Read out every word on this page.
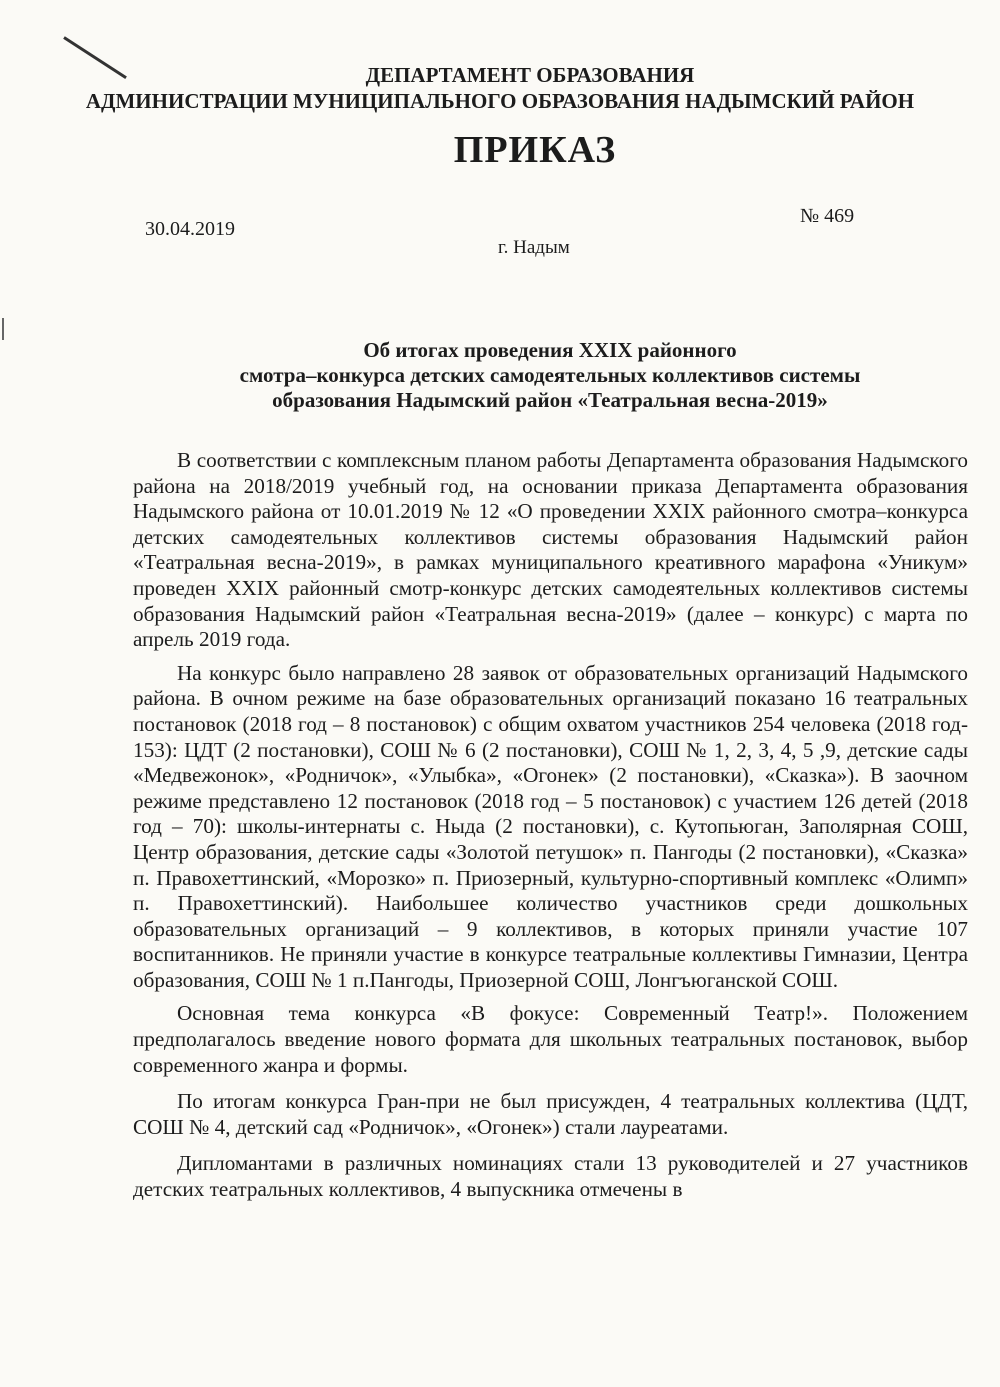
ДЕПАРТАМЕНТ ОБРАЗОВАНИЯ
АДМИНИСТРАЦИИ МУНИЦИПАЛЬНОГО ОБРАЗОВАНИЯ НАДЫМСКИЙ РАЙОН
ПРИКАЗ
№ 469
30.04.2019
г. Надым
Об итогах проведения XXIX районного
смотра–конкурса детских самодеятельных коллективов системы
образования Надымский район «Театральная весна-2019»

В соответствии с комплексным планом работы Департамента образования Надымского района на 2018/2019 учебный год, на основании приказа Департамента образования Надымского района от 10.01.2019 № 12 «О проведении XXIX районного смотра–конкурса детских самодеятельных коллективов системы образования Надымский район «Театральная весна-2019», в рамках муниципального креативного марафона «Уникум» проведен XXIX районный смотр-конкурс детских самодеятельных коллективов системы образования Надымский район «Театральная весна-2019» (далее – конкурс) с марта по апрель 2019 года.

На конкурс было направлено 28 заявок от образовательных организаций Надымского района. В очном режиме на базе образовательных организаций показано 16 театральных постановок (2018 год – 8 постановок) с общим охватом участников 254 человека (2018 год- 153): ЦДТ (2 постановки), СОШ № 6 (2 постановки), СОШ № 1, 2, 3, 4, 5 ,9, детские сады «Медвежонок», «Родничок», «Улыбка», «Огонек» (2 постановки), «Сказка»). В заочном режиме представлено 12 постановок (2018 год – 5 постановок) с участием 126 детей (2018 год – 70): школы-интернаты с. Ныда (2 постановки), с. Кутопьюган, Заполярная СОШ, Центр образования, детские сады «Золотой петушок» п. Пангоды (2 постановки), «Сказка» п. Правохеттинский, «Морозко» п. Приозерный, культурно-спортивный комплекс «Олимп» п. Правохеттинский). Наибольшее количество участников среди дошкольных образовательных организаций – 9 коллективов, в которых приняли участие 107 воспитанников. Не приняли участие в конкурсе театральные коллективы Гимназии, Центра образования, СОШ № 1 п.Пангоды, Приозерной СОШ, Лонгъюганской СОШ.

Основная тема конкурса «В фокусе: Современный Театр!». Положением предполагалось введение нового формата для школьных театральных постановок, выбор современного жанра и формы.

По итогам конкурса Гран-при не был присужден, 4 театральных коллектива (ЦДТ, СОШ № 4, детский сад «Родничок», «Огонек») стали лауреатами.

Дипломантами в различных номинациях стали 13 руководителей и 27 участников детских театральных коллективов, 4 выпускника отмечены в
